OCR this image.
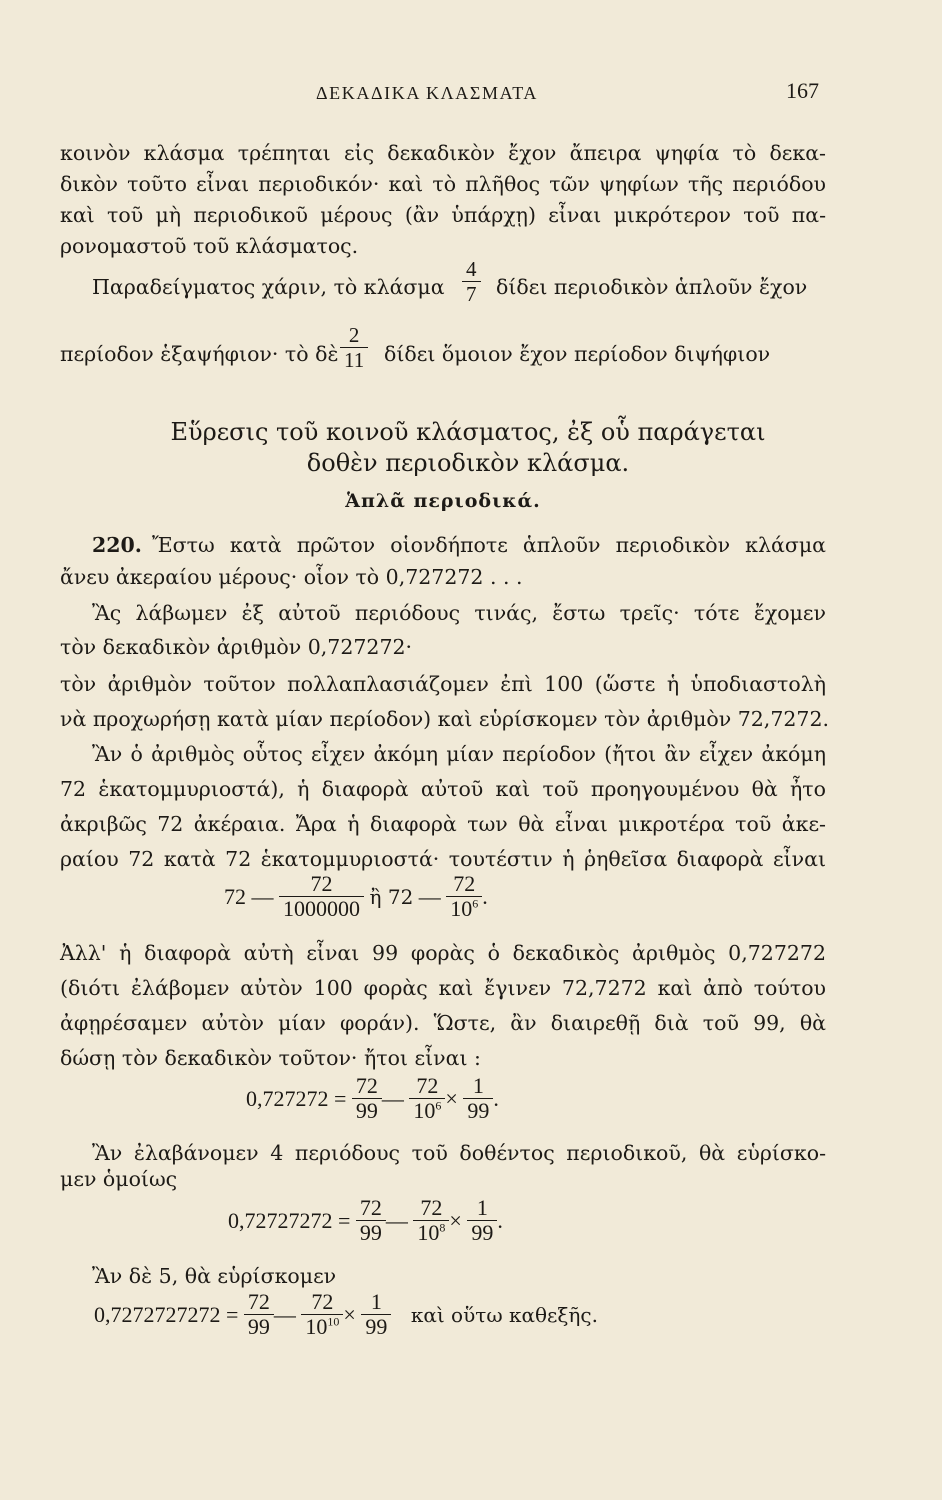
ΔΕΚΑΔΙΚΑ ΚΛΑΣΜΑΤΑ	167
κοινὸν κλάσμα τρέπηται εἰς δεκαδικὸν ἔχον ἄπειρα ψηφία τὸ δεκα-
δικὸν τοῦτο εἶναι περιοδικόν· καὶ τὸ πλῆθος τῶν ψηφίων τῆς περιόδου
καὶ τοῦ μὴ περιοδικοῦ μέρους (ἂν ὑπάρχῃ) εἶναι μικρότερον τοῦ πα-
ρονομαστοῦ τοῦ κλάσματος.
Παραδείγματος χάριν, τὸ κλάσμα $\frac{4}{7}$ δίδει περιοδικὸν ἁπλοῦν ἔχον
περίοδον ἑξαψήφιον· τὸ δὲ $\frac{2}{11}$ δίδει ὅμοιον ἔχον περίοδον διψήφιον
Εὕρεσις τοῦ κοινοῦ κλάσματος, ἐξ οὗ παράγεται
δοθὲν περιοδικὸν κλάσμα.
Ἁπλᾶ περιοδικά.
220. Ἔστω κατὰ πρῶτον οἱονδήποτε ἁπλοῦν περιοδικὸν κλάσμα
ἄνευ ἀκεραίου μέρους· οἷον τὸ 0,727272 . . .
Ἂς λάβωμεν ἐξ αὐτοῦ περιόδους τινάς, ἔστω τρεῖς· τότε ἔχομεν
τὸν δεκαδικὸν ἀριθμὸν 0,727272·
τὸν ἀριθμὸν τοῦτον πολλαπλασιάζομεν ἐπὶ 100 (ὥστε ἡ ὑποδιαστολὴ
νὰ προχωρήσῃ κατὰ μίαν περίοδον) καὶ εὑρίσκομεν τὸν ἀριθμὸν 72,7272.
Ἂν ὁ ἀριθμὸς οὗτος εἶχεν ἀκόμη μίαν περίοδον (ἤτοι ἂν εἶχεν ἀκόμη
72 ἑκατομμυριοστά), ἡ διαφορὰ αὐτοῦ καὶ τοῦ προηγουμένου θὰ ἦτο
ἀκριβῶς 72 ἀκέραια. Ἄρα ἡ διαφορὰ των θὰ εἶναι μικροτέρα τοῦ ἀκε-
ραίου 72 κατὰ 72 ἑκατομμυριοστά· τουτέστιν ἡ ῥηθεῖσα διαφορὰ εἶναι
72 — $\frac{72}{1000000}$ ἢ 72 — $\frac{72}{10^6}$ .
Ἀλλ' ἡ διαφορὰ αὐτὴ εἶναι 99 φορὰς ὁ δεκαδικὸς ἀριθμὸς 0,727272
(διότι ἐλάβομεν αὐτὸν 100 φορὰς καὶ ἔγινεν 72,7272 καὶ ἀπὸ τούτου
ἀφῃρέσαμεν αὐτὸν μίαν φοράν). Ὥστε, ἂν διαιρεθῇ διὰ τοῦ 99, θὰ
δώσῃ τὸν δεκαδικὸν τοῦτον· ἤτοι εἶναι :
$0,727272 = \frac{72}{99}$ — $\frac{72}{10^6} \times \frac{1}{99}$ .
Ἂν ἐλαβάνομεν 4 περιόδους τοῦ δοθέντος περιοδικοῦ, θὰ εὑρίσκο-
μεν ὁμοίως
$0,72727272 = \frac{72}{99}$ — $\frac{72}{10^8} \times \frac{1}{99}$ .
Ἂν δὲ 5, θὰ εὑρίσκομεν
$0,7272727272 = \frac{72}{99}$ — $\frac{72}{10^{10}} \times \frac{1}{99}$ καὶ οὕτω καθεξῆς.
